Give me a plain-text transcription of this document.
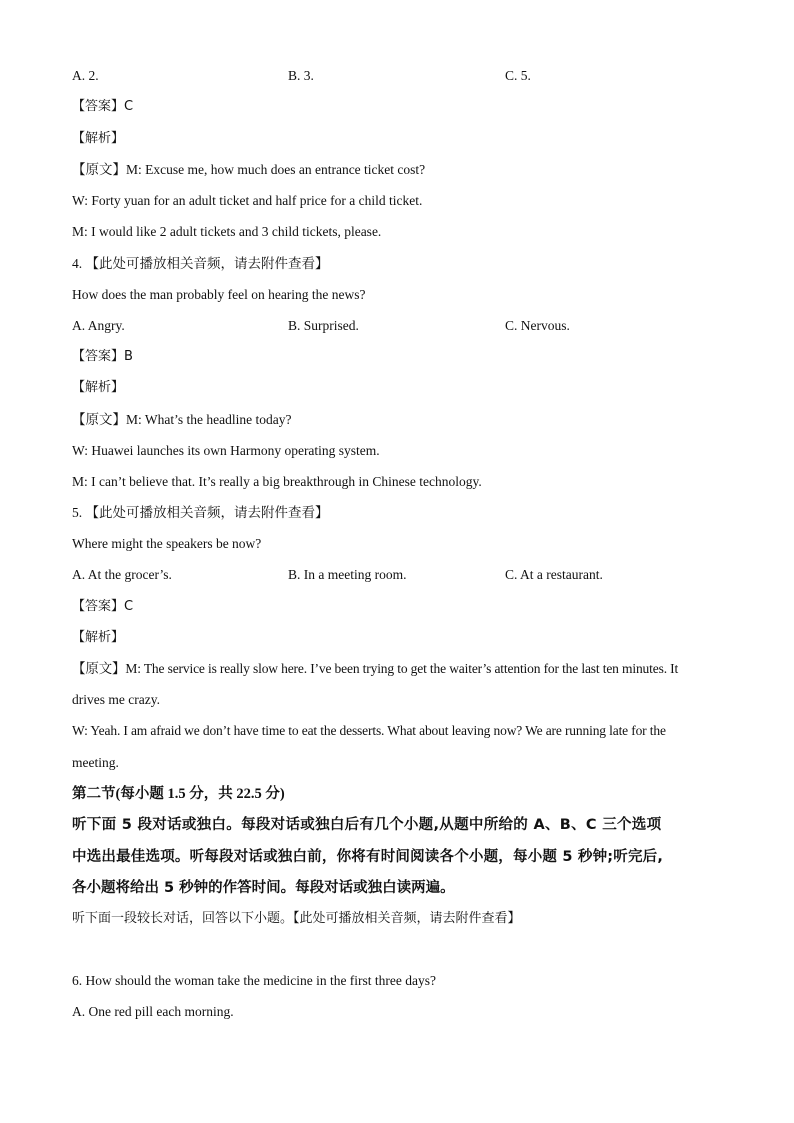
A. 2.	B. 3.	C. 5.
【答案】C
【解析】
【原文】M: Excuse me, how much does an entrance ticket cost?
W: Forty yuan for an adult ticket and half price for a child ticket.
M: I would like 2 adult tickets and 3 child tickets, please.
4. 【此处可播放相关音频，请去附件查看】
How does the man probably feel on hearing the news?
A. Angry.	B. Surprised.	C. Nervous.
【答案】B
【解析】
【原文】M: What’s the headline today?
W: Huawei launches its own Harmony operating system.
M: I can’t believe that. It’s really a big breakthrough in Chinese technology.
5. 【此处可播放相关音频，请去附件查看】
Where might the speakers be now?
A. At the grocer’s.	B. In a meeting room.	C. At a restaurant.
【答案】C
【解析】
【原文】M: The service is really slow here. I’ve been trying to get the waiter’s attention for the last ten minutes. It
drives me crazy.
W: Yeah. I am afraid we don’t have time to eat the desserts. What about leaving now? We are running late for the
meeting.
第二节(每小题 1.5 分，共 22.5 分)
听下面 5 段对话或独白。每段对话或独白后有几个小题,从题中所给的 A、B、C 三个选项
中选出最佳选项。听每段对话或独白前，你将有时间阅读各个小题，每小题 5 秒钟;听完后,
各小题将给出 5 秒钟的作答时间。每段对话或独白读两遍。
听下面一段较长对话，回答以下小题。【此处可播放相关音频，请去附件查看】
6. How should the woman take the medicine in the first three days?
A. One red pill each morning.
